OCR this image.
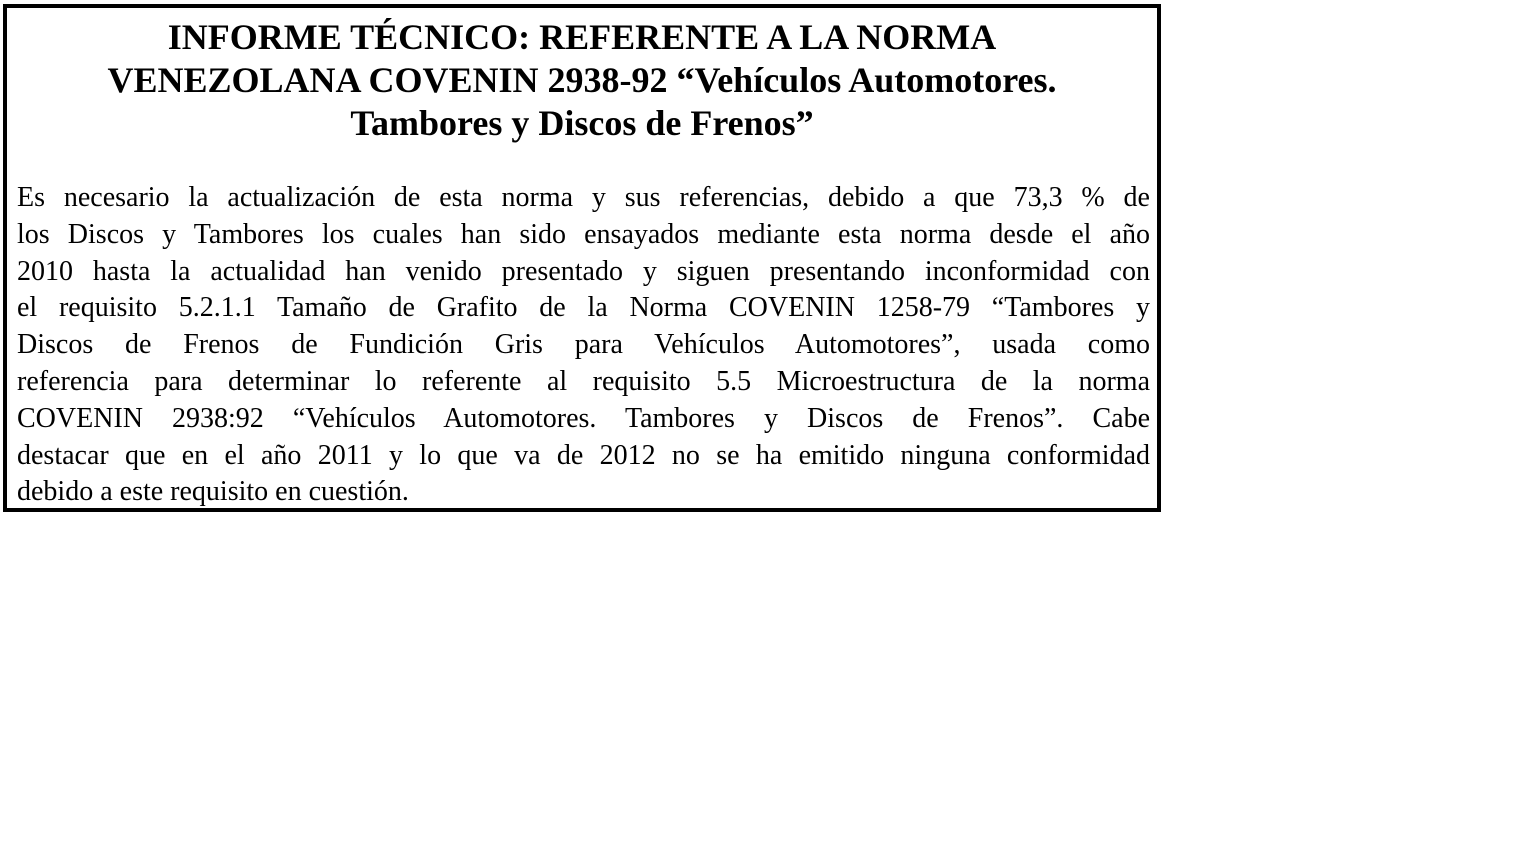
INFORME TÉCNICO: REFERENTE A LA NORMA
VENEZOLANA COVENIN 2938-92 “Vehículos Automotores.
Tambores y Discos de Frenos”
Es necesario la actualización de esta norma y sus referencias, debido a que 73,3 % de
los Discos y Tambores los cuales han sido ensayados mediante esta norma desde el año
2010 hasta la actualidad han venido presentado y siguen presentando inconformidad con
el requisito 5.2.1.1 Tamaño de Grafito de la Norma COVENIN 1258-79 “Tambores y
Discos de Frenos de Fundición Gris para Vehículos Automotores”, usada como
referencia para determinar lo referente al requisito 5.5 Microestructura de la norma
COVENIN 2938:92 “Vehículos Automotores. Tambores y Discos de Frenos”. Cabe
destacar que en el año 2011 y lo que va de 2012 no se ha emitido ninguna conformidad
debido a este requisito en cuestión.
